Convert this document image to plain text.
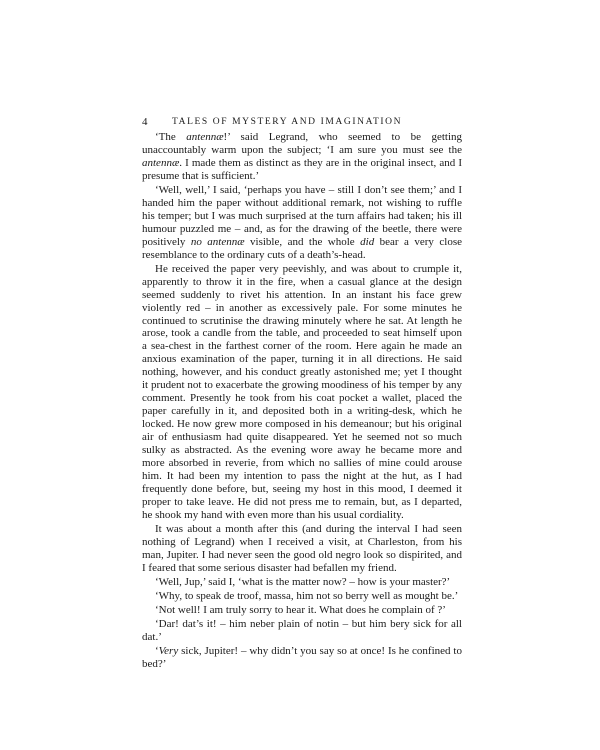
4	TALES OF MYSTERY AND IMAGINATION

‘The antennæ!’ said Legrand, who seemed to be getting unaccountably warm upon the subject; ‘I am sure you must see the antennæ. I made them as distinct as they are in the original insect, and I presume that is sufficient.’

‘Well, well,’ I said, ‘perhaps you have – still I don’t see them;’ and I handed him the paper without additional remark, not wishing to ruffle his temper; but I was much surprised at the turn affairs had taken; his ill humour puzzled me – and, as for the drawing of the beetle, there were positively no antennæ visible, and the whole did bear a very close resemblance to the ordinary cuts of a death’s-head.

He received the paper very peevishly, and was about to crumple it, apparently to throw it in the fire, when a casual glance at the design seemed suddenly to rivet his attention. In an instant his face grew violently red – in another as excessively pale. For some minutes he continued to scrutinise the drawing minutely where he sat. At length he arose, took a candle from the table, and proceeded to seat himself upon a sea-chest in the farthest corner of the room. Here again he made an anxious examination of the paper, turning it in all directions. He said nothing, however, and his conduct greatly astonished me; yet I thought it prudent not to exacerbate the growing moodiness of his temper by any comment. Presently he took from his coat pocket a wallet, placed the paper carefully in it, and deposited both in a writing-desk, which he locked. He now grew more composed in his demeanour; but his original air of enthusiasm had quite disappeared. Yet he seemed not so much sulky as abstracted. As the evening wore away he became more and more absorbed in reverie, from which no sallies of mine could arouse him. It had been my intention to pass the night at the hut, as I had frequently done before, but, seeing my host in this mood, I deemed it proper to take leave. He did not press me to remain, but, as I departed, he shook my hand with even more than his usual cordiality.

It was about a month after this (and during the interval I had seen nothing of Legrand) when I received a visit, at Charleston, from his man, Jupiter. I had never seen the good old negro look so dispirited, and I feared that some serious disaster had befallen my friend.

‘Well, Jup,’ said I, ‘what is the matter now? – how is your master?’

‘Why, to speak de troof, massa, him not so berry well as mought be.’

‘Not well! I am truly sorry to hear it. What does he complain of ?’

‘Dar! dat’s it! – him neber plain of notin – but him bery sick for all dat.’

‘Very sick, Jupiter! – why didn’t you say so at once! Is he confined to bed?’
